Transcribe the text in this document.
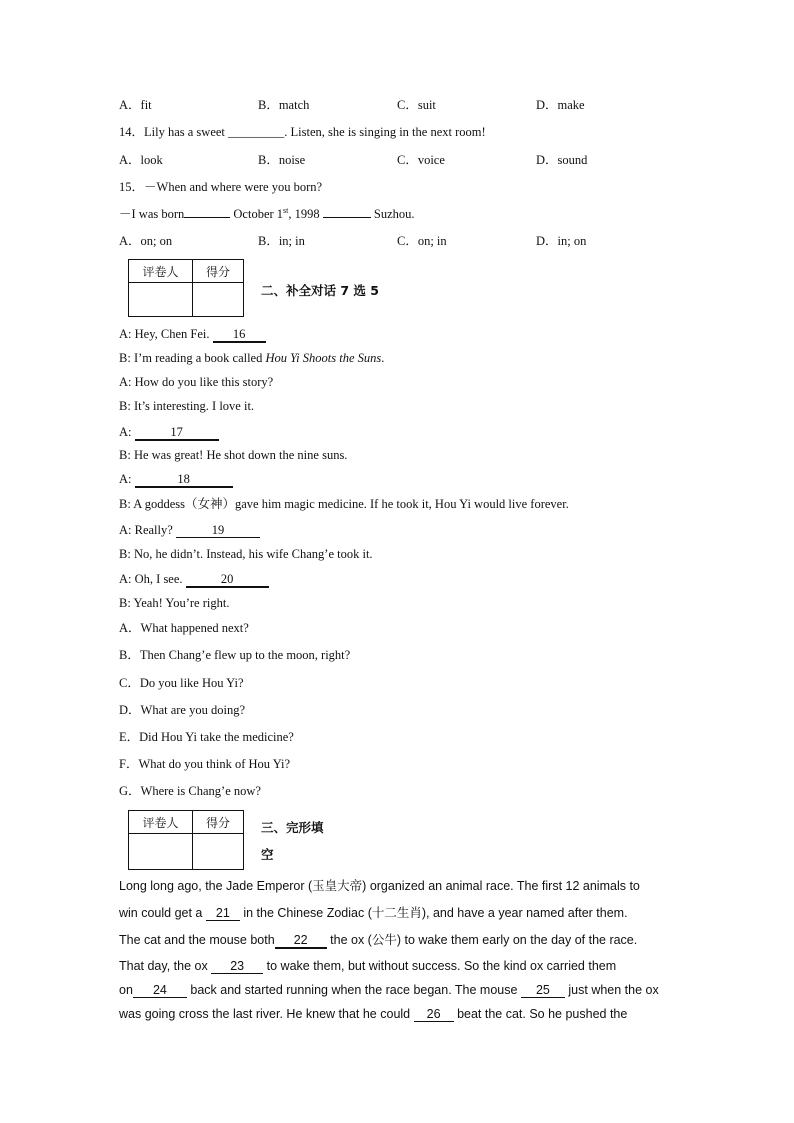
A．fit	B．match	C．suit	D．make
14．Lily has a sweet _________. Listen, she is singing in the next room!
A．look	B．noise	C．voice	D．sound
15．－When and where were you born?
－I was born	October 1st, 1998	Suzhou.
A．on; on	B．in; in	C．on; in	D．in; on
评卷人	得分

二、补全对话 7 选 5
A: Hey, Chen Fei. 16
B: I’m reading a book called Hou Yi Shoots the Suns.
A: How do you like this story?
B: It’s interesting. I love it.
A:	17
B: He was great! He shot down the nine suns.
A:	18
B: A goddess（女神）gave him magic medicine. If he took it, Hou Yi would live forever.
A: Really?	19
B: No, he didn’t. Instead, his wife Chang’e took it.
A: Oh, I see.	20
B: Yeah! You’re right.
A．What happened next?
B．Then Chang’e flew up to the moon, right?
C．Do you like Hou Yi?
D．What are you doing?
E．Did Hou Yi take the medicine?
F．What do you think of Hou Yi?
G．Where is Chang’e now?
评卷人	得分
	三、完形填
空
Long long ago, the Jade Emperor (玉皇大帝) organized an animal race. The first 12 animals to
win could get a 21 in the Chinese Zodiac (十二生肖), and have a year named after them.
The cat and the mouse both 22 the ox (公牛) to wake them early on the day of the race.
That day, the ox 23 to wake them, but without success. So the kind ox carried them
on 24 back and started running when the race began. The mouse 25 just when the ox
was going cross the last river. He knew that he could 26 beat the cat. So he pushed the
